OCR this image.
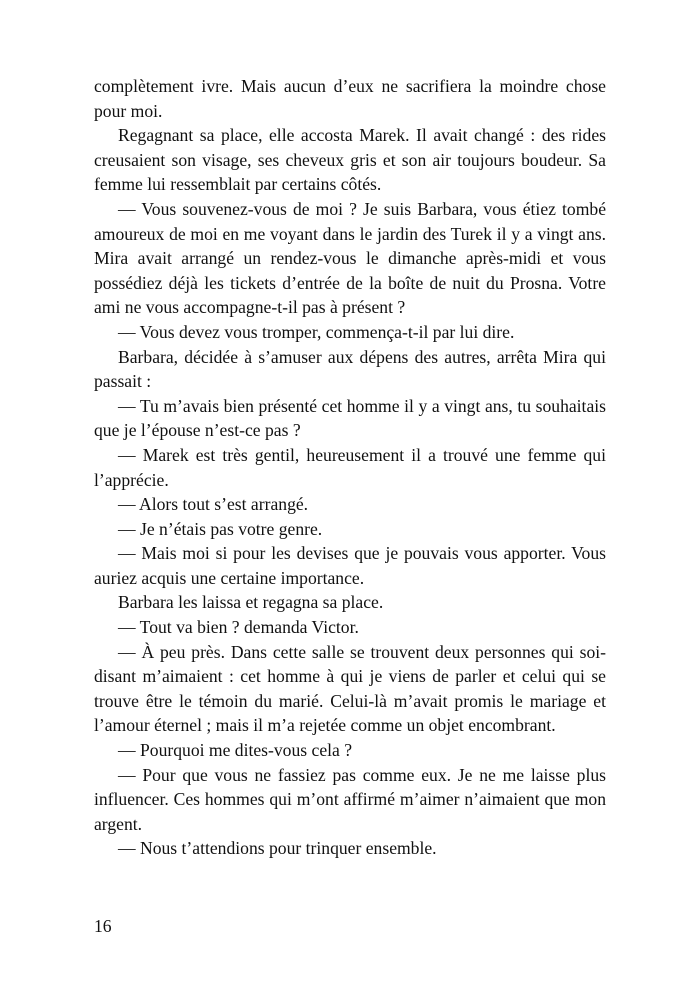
complètement ivre. Mais aucun d’eux ne sacrifiera la moindre chose pour moi.

Regagnant sa place, elle accosta Marek. Il avait changé : des rides creusaient son visage, ses cheveux gris et son air toujours boudeur. Sa femme lui ressemblait par certains côtés.

— Vous souvenez-vous de moi ? Je suis Barbara, vous étiez tombé amoureux de moi en me voyant dans le jardin des Turek il y a vingt ans. Mira avait arrangé un rendez-vous le dimanche après-midi et vous possédiez déjà les tickets d’entrée de la boîte de nuit du Prosna. Votre ami ne vous accompagne-t-il pas à présent ?

— Vous devez vous tromper, commença-t-il par lui dire.

Barbara, décidée à s’amuser aux dépens des autres, arrêta Mira qui passait :

— Tu m’avais bien présenté cet homme il y a vingt ans, tu souhaitais que je l’épouse n’est-ce pas ?

— Marek est très gentil, heureusement il a trouvé une femme qui l’apprécie.

— Alors tout s’est arrangé.

— Je n’étais pas votre genre.

— Mais moi si pour les devises que je pouvais vous apporter. Vous auriez acquis une certaine importance.

Barbara les laissa et regagna sa place.

— Tout va bien ? demanda Victor.

— À peu près. Dans cette salle se trouvent deux personnes qui soi-disant m’aimaient : cet homme à qui je viens de parler et celui qui se trouve être le témoin du marié. Celui-là m’avait promis le mariage et l’amour éternel ; mais il m’a rejetée comme un objet encombrant.

— Pourquoi me dites-vous cela ?

— Pour que vous ne fassiez pas comme eux. Je ne me laisse plus influencer. Ces hommes qui m’ont affirmé m’aimer n’aimaient que mon argent.

— Nous t’attendions pour trinquer ensemble.

16
